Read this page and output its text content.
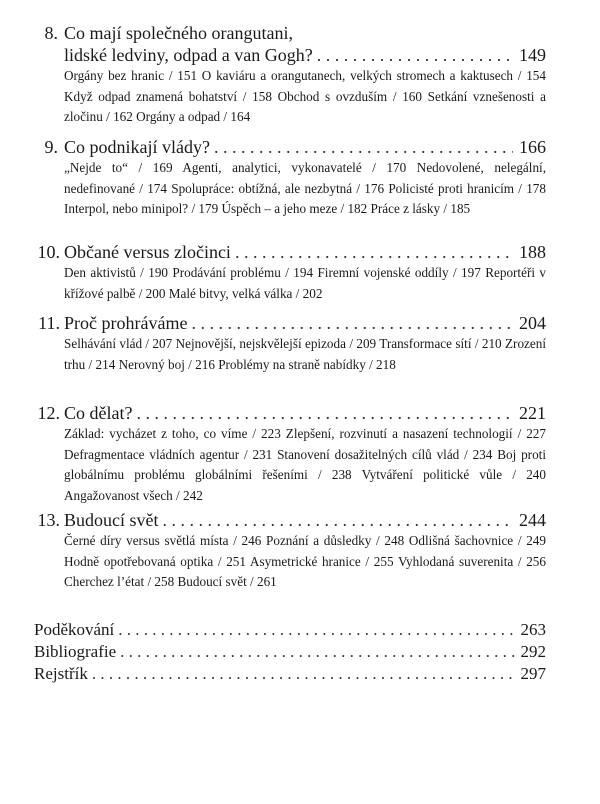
8. Co mají společného orangutani,
lidské ledviny, odpad a van Gogh? . . .	149
Orgány bez hranic / 151 O kaviáru a orangutanech, velkých stromech a kaktusech / 154 Když odpad znamená bohatství / 158 Obchod s ovzduším / 160 Setkání vznešenosti a zločinu / 162 Orgány a odpad / 164
9. Co podnikají vlády? . . .	166
„Nejde to“ / 169 Agenti, analytici, vykonavatelé / 170 Nedovolené, nelegální, nedefinované / 174 Spolupráce: obtížná, ale nezbytná / 176 Policisté proti hranicím / 178 Interpol, nebo minipol? / 179 Úspěch – a jeho meze / 182 Práce z lásky / 185
10. Občané versus zločinci . . .	188
Den aktivistů / 190 Prodávání problému / 194 Firemní vojenské oddíly / 197 Reportéři v křížové palbě / 200 Malé bitvy, velká válka / 202
11. Proč prohráváme . . .	204
Selhávání vlád / 207 Nejnovější, nejskvělejší epizoda / 209 Transformace sítí / 210 Zrození trhu / 214 Nerovný boj / 216 Problémy na straně nabídky / 218
12. Co dělat? . . .	221
Základ: vycházet z toho, co víme / 223 Zlepšení, rozvinutí a nasazení technologií / 227 Defragmentace vládních agentur / 231 Stanovení dosažitelných cílů vlád / 234 Boj proti globálnímu problému globálními řešeními / 238 Vytváření politické vůle / 240 Angažovanost všech / 242
13. Budoucí svět . . .	244
Černé díry versus světlá místa / 246 Poznání a důsledky / 248 Odlišná šachovnice / 249 Hodně opotřebovaná optika / 251 Asymetrické hranice / 255 Vyhlodaná suverenita / 256 Cherchez l’état / 258 Budoucí svět / 261
Poděkování . . .	263
Bibliografie . . .	292
Rejstřík . . .	297
